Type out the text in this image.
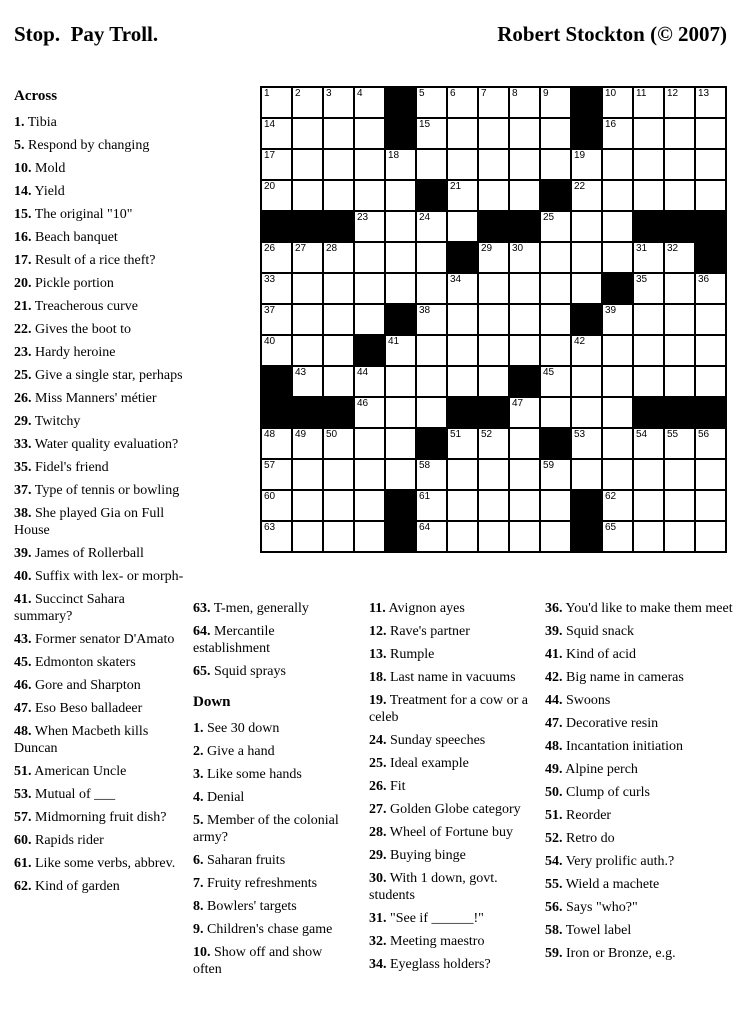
Stop.  Pay Troll.	Robert Stockton (© 2007)
1	2	3	4	5	6	7	8	9	10 11 12 13
14	15	16
17	18	19
20	21	22
23	24	25
26 27 28	29 30	31 32
33	34	35	36
37	38	39
40	41	42
43	44	45
46	47
48 49 50	51 52	53	54 55 56
57	58	59
60	61	62
63	64	65
Across

1. Tibia

5. Respond by changing

10. Mold

14. Yield

15. The original "10"

16. Beach banquet

17. Result of a rice theft?

20. Pickle portion

21. Treacherous curve

22. Gives the boot to

23. Hardy heroine

25. Give a single star, perhaps

26. Miss Manners' métier

29. Twitchy

33. Water quality evaluation?

35. Fidel's friend

37. Type of tennis or bowling

38. She played Gia on Full House

39. James of Rollerball

40. Suffix with lex- or morph-

41. Succinct Sahara summary?

43. Former senator D'Amato

45. Edmonton skaters

46. Gore and Sharpton

47. Eso Beso balladeer

48. When Macbeth kills Duncan

51. American Uncle

53. Mutual of ___

57. Midmorning fruit dish?

60. Rapids rider

61. Like some verbs, abbrev.

62. Kind of garden

63. T-men, generally

64. Mercantile establishment

65. Squid sprays

Down

1. See 30 down

2. Give a hand

3. Like some hands

4. Denial

5. Member of the colonial army?

6. Saharan fruits

7. Fruity refreshments

8. Bowlers' targets

9. Children's chase game

10. Show off and show often

11. Avignon ayes

12. Rave's partner

13. Rumple

18. Last name in vacuums

19. Treatment for a cow or a celeb

24. Sunday speeches

25. Ideal example

26. Fit

27. Golden Globe category

28. Wheel of Fortune buy

29. Buying binge

30. With 1 down, govt. students

31. "See if ______!"

32. Meeting maestro

34. Eyeglass holders?

36. You'd like to make them meet

39. Squid snack

41. Kind of acid

42. Big name in cameras

44. Swoons

47. Decorative resin

48. Incantation initiation

49. Alpine perch

50. Clump of curls

51. Reorder

52. Retro do

54. Very prolific auth.?

55. Wield a machete

56. Says "who?"

58. Towel label

59. Iron or Bronze, e.g.
